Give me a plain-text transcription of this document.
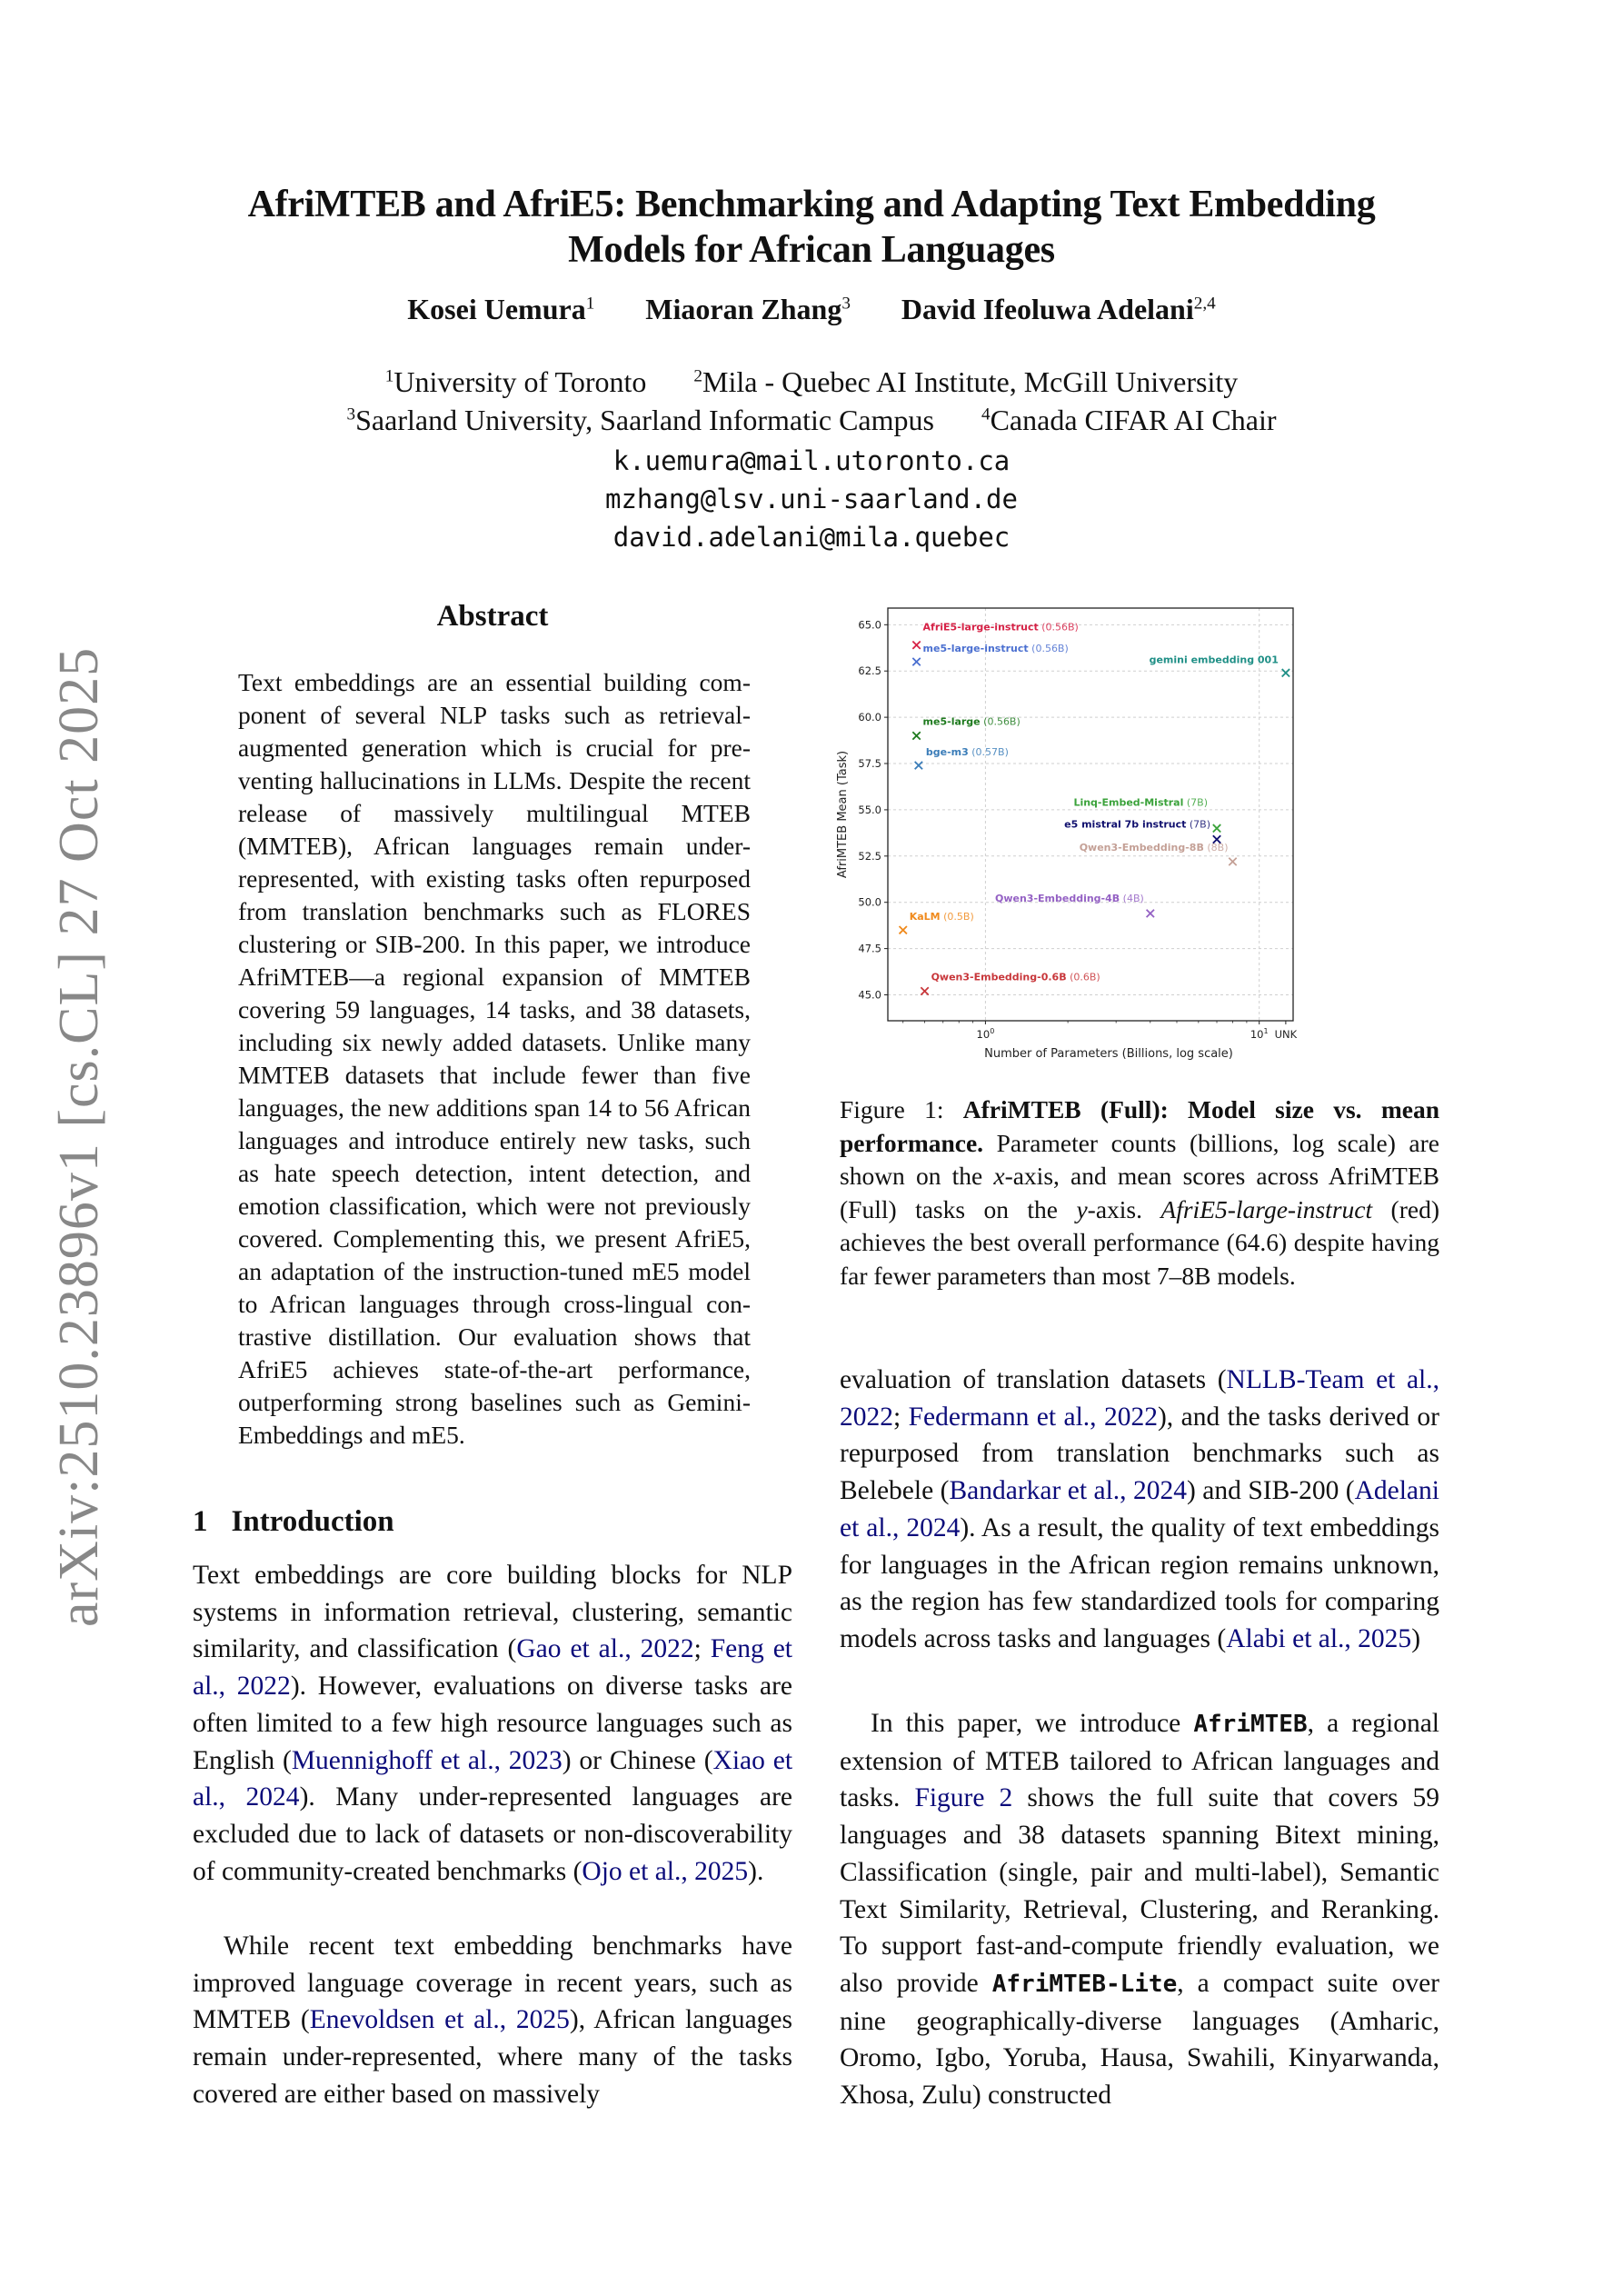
arXiv:2510.23896v1 [cs.CL] 27 Oct 2025
AfriMTEB and AfriE5: Benchmarking and Adapting Text Embedding
Models for African Languages
Kosei Uemura$^1$ Miaoran Zhang$^3$ David Ifeoluwa Adelani$^{2,4}$
$^1$University of Toronto	$^2$Mila - Quebec AI Institute, McGill University
$^3$Saarland University, Saarland Informatic Campus	$^4$Canada CIFAR AI Chair
k.uemura@mail.utoronto.ca
mzhang@lsv.uni-saarland.de
david.adelani@mila.quebec
Abstract

Text embeddings are an essential building component of several NLP tasks such as retrieval-augmented generation which is crucial for preventing hallucinations in LLMs. Despite the recent release of massively multilingual MTEB (MMTEB), African languages remain under-represented, with existing tasks often repurposed from translation benchmarks such as FLORES clustering or SIB-200. In this paper, we introduce AfriMTEB—a regional expansion of MMTEB covering 59 languages, 14 tasks, and 38 datasets, including six newly added datasets. Unlike many MMTEB datasets that include fewer than five languages, the new additions span 14 to 56 African languages and introduce entirely new tasks, such as hate speech detection, intent detection, and emotion classification, which were not previously covered. Complementing this, we present AfriE5, an adaptation of the instruction-tuned mE5 model to African languages through cross-lingual contrastive distillation. Our evaluation shows that AfriE5 achieves state-of-the-art performance, outperforming strong baselines such as Gemini-Embeddings and mE5.

1 Introduction

Text embeddings are core building blocks for NLP systems in information retrieval, clustering, semantic similarity, and classification (Gao et al., 2022; Feng et al., 2022). However, evaluations on diverse tasks are often limited to a few high resource languages such as English (Muennighoff et al., 2023) or Chinese (Xiao et al., 2024). Many under-represented languages are excluded due to lack of datasets or non-discoverability of community-created benchmarks (Ojo et al., 2025).

While recent text embedding benchmarks have improved language coverage in recent years, such as MMTEB (Enevoldsen et al., 2025), African languages remain under-represented, where many of the tasks covered are either based on massively

45.0
47.5
50.0
52.5
55.0
57.5
60.0
62.5
65.0
$10^0$	$10^1$ UNK
Number of Parameters (Billions, log scale)
AfriMTEB Mean (Task)
AfriE5-large-instruct (0.56B)
me5-large-instruct (0.56B)
gemini embedding 001
me5-large (0.56B)
bge-m3 (0.57B)
Linq-Embed-Mistral (7B)
e5 mistral 7b instruct (7B)
Qwen3-Embedding-8B (8B)
Qwen3-Embedding-4B (4B)
KaLM (0.5B)
Qwen3-Embedding-0.6B (0.6B)

Figure 1: AfriMTEB (Full): Model size vs. mean performance. Parameter counts (billions, log scale) are shown on the x-axis, and mean scores across AfriMTEB (Full) tasks on the y-axis. AfriE5-large-instruct (red) achieves the best overall performance (64.6) despite having far fewer parameters than most 7–8B models.

evaluation of translation datasets (NLLB-Team et al., 2022; Federmann et al., 2022), and the tasks derived or repurposed from translation benchmarks such as Belebele (Bandarkar et al., 2024) and SIB-200 (Adelani et al., 2024). As a result, the quality of text embeddings for languages in the African region remains unknown, as the region has few standardized tools for comparing models across tasks and languages (Alabi et al., 2025)

In this paper, we introduce AfriMTEB, a regional extension of MTEB tailored to African languages and tasks. Figure 2 shows the full suite that covers 59 languages and 38 datasets spanning Bitext mining, Classification (single, pair and multi-label), Semantic Text Similarity, Retrieval, Clustering, and Reranking. To support fast-and-compute friendly evaluation, we also provide AfriMTEB-Lite, a compact suite over nine geographically-diverse languages (Amharic, Oromo, Igbo, Yoruba, Hausa, Swahili, Kinyarwanda, Xhosa, Zulu) constructed
